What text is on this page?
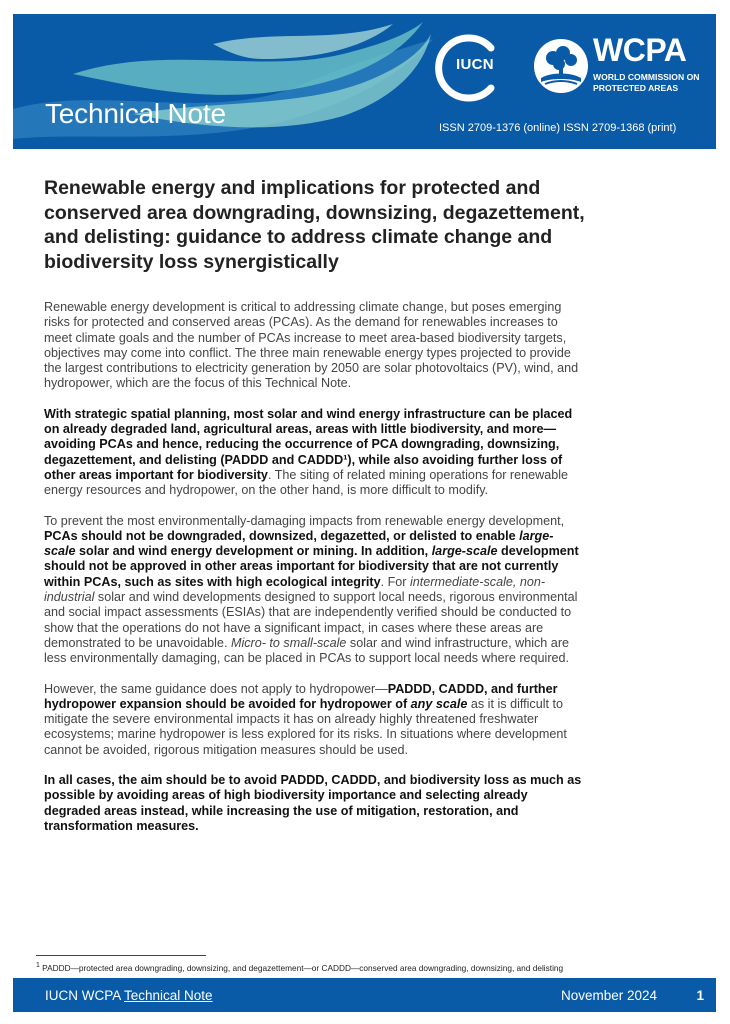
Technical Note	ISSN 2709-1376 (online) ISSN 2709-1368 (print)
IUCN	WCPA
WORLD COMMISSION ON PROTECTED AREAS
Renewable energy and implications for protected and conserved area downgrading, downsizing, degazettement, and delisting: guidance to address climate change and biodiversity loss synergistically

Renewable energy development is critical to addressing climate change, but poses emerging risks for protected and conserved areas (PCAs). As the demand for renewables increases to meet climate goals and the number of PCAs increase to meet area-based biodiversity targets, objectives may come into conflict. The three main renewable energy types projected to provide the largest contributions to electricity generation by 2050 are solar photovoltaics (PV), wind, and hydropower, which are the focus of this Technical Note.

With strategic spatial planning, most solar and wind energy infrastructure can be placed on already degraded land, agricultural areas, areas with little biodiversity, and more—avoiding PCAs and hence, reducing the occurrence of PCA downgrading, downsizing, degazettement, and delisting (PADDD and CADDD¹), while also avoiding further loss of other areas important for biodiversity. The siting of related mining operations for renewable energy resources and hydropower, on the other hand, is more difficult to modify.

To prevent the most environmentally-damaging impacts from renewable energy development, PCAs should not be downgraded, downsized, degazetted, or delisted to enable large-scale solar and wind energy development or mining. In addition, large-scale development should not be approved in other areas important for biodiversity that are not currently within PCAs, such as sites with high ecological integrity. For intermediate-scale, non-industrial solar and wind developments designed to support local needs, rigorous environmental and social impact assessments (ESIAs) that are independently verified should be conducted to show that the operations do not have a significant impact, in cases where these areas are demonstrated to be unavoidable. Micro- to small-scale solar and wind infrastructure, which are less environmentally damaging, can be placed in PCAs to support local needs where required.

However, the same guidance does not apply to hydropower—PADDD, CADDD, and further hydropower expansion should be avoided for hydropower of any scale as it is difficult to mitigate the severe environmental impacts it has on already highly threatened freshwater ecosystems; marine hydropower is less explored for its risks. In situations where development cannot be avoided, rigorous mitigation measures should be used.

In all cases, the aim should be to avoid PADDD, CADDD, and biodiversity loss as much as possible by avoiding areas of high biodiversity importance and selecting already degraded areas instead, while increasing the use of mitigation, restoration, and transformation measures.

$^1$ PADDD—protected area downgrading, downsizing, and degazettement—or CADDD—conserved area downgrading, downsizing, and delisting
IUCN WCPA Technical Note	November 2024	1
